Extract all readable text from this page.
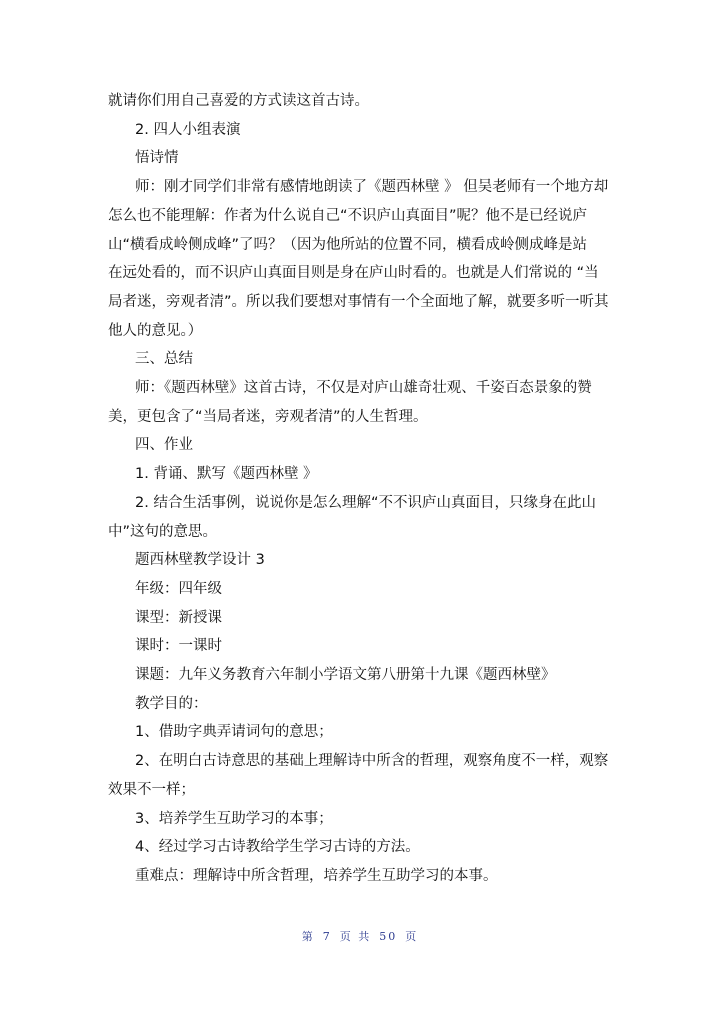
就请你们用自己喜爱的方式读这首古诗。

2. 四人小组表演

悟诗情

师：刚才同学们非常有感情地朗读了《题西林壁 》 但吴老师有一个地方却

怎么也不能理解：作者为什么说自己“不识庐山真面目”呢？他不是已经说庐

山“横看成岭侧成峰”了吗？（因为他所站的位置不同，横看成岭侧成峰是站

在远处看的，而不识庐山真面目则是身在庐山时看的。也就是人们常说的 “当

局者迷，旁观者清”。所以我们要想对事情有一个全面地了解，就要多听一听其

他人的意见。）

三、总结

师：《题西林壁》这首古诗，不仅是对庐山雄奇壮观、千姿百态景象的赞

美，更包含了“当局者迷，旁观者清”的人生哲理。

四、作业

1. 背诵、默写《题西林壁 》

2. 结合生活事例，说说你是怎么理解“不不识庐山真面目，只缘身在此山

中”这句的意思。

题西林壁教学设计 3

年级：四年级

课型：新授课

课时：一课时

课题：九年义务教育六年制小学语文第八册第十九课《题西林壁》

教学目的：

1、借助字典弄请词句的意思；

2、在明白古诗意思的基础上理解诗中所含的哲理，观察角度不一样，观察

效果不一样；

3、培养学生互助学习的本事；

4、经过学习古诗教给学生学习古诗的方法。

重难点：理解诗中所含哲理，培养学生互助学习的本事。

第 7 页 共 50 页
